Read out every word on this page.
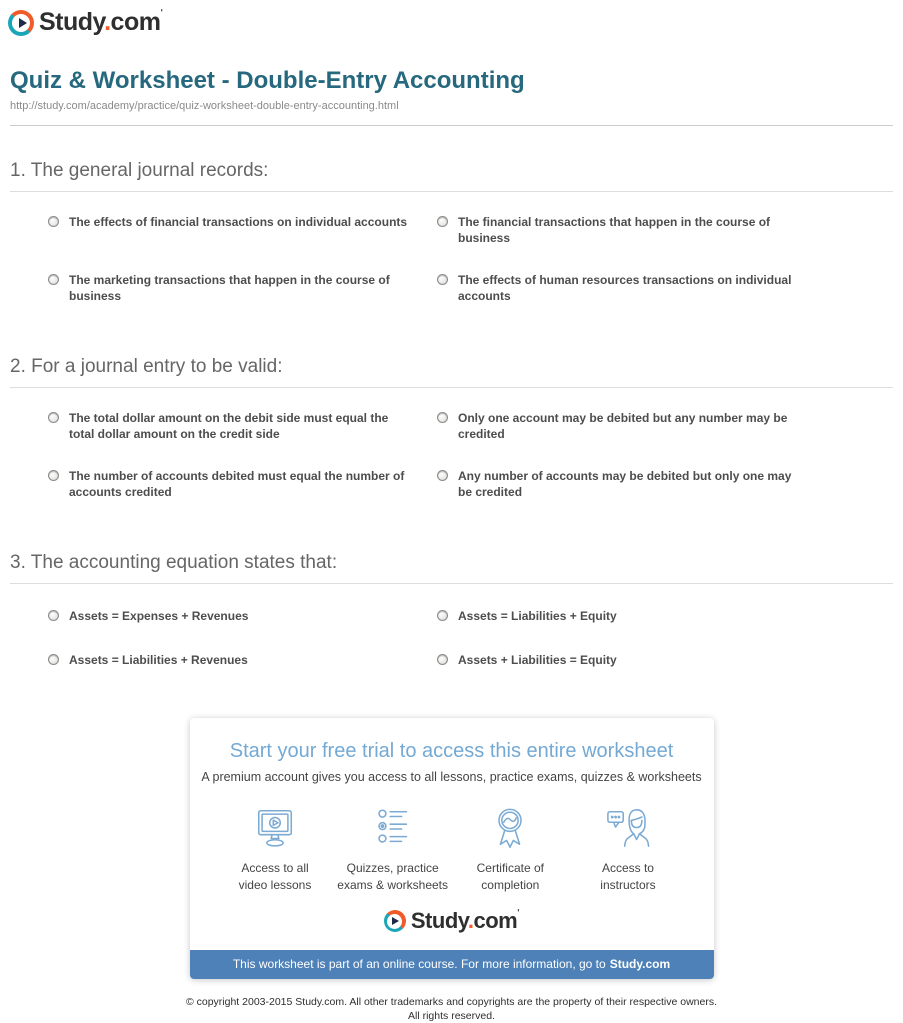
Study.com'
Quiz & Worksheet - Double-Entry Accounting
http://study.com/academy/practice/quiz-worksheet-double-entry-accounting.html
1. The general journal records:
The effects of financial transactions on individual accounts	The financial transactions that happen in the course of business
The marketing transactions that happen in the course of business
The effects of human resources transactions on individual accounts
2. For a journal entry to be valid:
The total dollar amount on the debit side must equal the total dollar amount on the credit side
Only one account may be debited but any number may be credited
The number of accounts debited must equal the number of accounts credited
Any number of accounts may be debited but only one may be credited
3. The accounting equation states that:
Assets = Expenses + Revenues	Assets = Liabilities + Equity
Assets = Liabilities + Revenues	Assets + Liabilities = Equity
Start your free trial to access this entire worksheet
A premium account gives you access to all lessons, practice exams, quizzes & worksheets
Access to all
video lessons
Quizzes, practice
exams & worksheets
Certificate of
completion
Access to
instructors
Study.com'
This worksheet is part of an online course. For more information, go to Study.com
© copyright 2003-2015 Study.com. All other trademarks and copyrights are the property of their respective owners.
All rights reserved.
